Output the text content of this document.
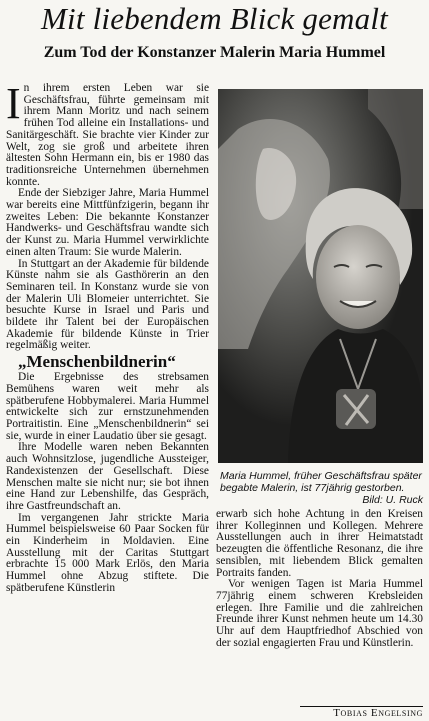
Mit liebendem Blick gemalt
Zum Tod der Konstanzer Malerin Maria Hummel

In ihrem ersten Leben war sie Geschäftsfrau, führte gemeinsam mit ihrem Mann Moritz und nach seinem frühen Tod alleine ein Installations- und Sanitärgeschäft. Sie brachte vier Kinder zur Welt, zog sie groß und arbeitete ihren ältesten Sohn Hermann ein, bis er 1980 das traditionsreiche Unternehmen übernehmen konnte.

Ende der Siebziger Jahre, Maria Hummel war bereits eine Mittfünfzigerin, begann ihr zweites Leben: Die bekannte Konstanzer Handwerks- und Geschäftsfrau wandte sich der Kunst zu. Maria Hummel verwirklichte einen alten Traum: Sie wurde Malerin.

In Stuttgart an der Akademie für bildende Künste nahm sie als Gasthörerin an den Seminaren teil. In Konstanz wurde sie von der Malerin Uli Blomeier unterrichtet. Sie besuchte Kurse in Israel und Paris und bildete ihr Talent bei der Europäischen Akademie für bildende Künste in Trier regelmäßig weiter.

„Menschenbildnerin“

Die Ergebnisse des strebsamen Bemühens waren weit mehr als spätberufene Hobbymalerei. Maria Hummel entwickelte sich zur ernstzunehmenden Portraitistin. Eine „Menschenbildnerin“ sei sie, wurde in einer Laudatio über sie gesagt.

Ihre Modelle waren neben Bekannten auch Wohnsitzlose, jugendliche Aussteiger, Randexistenzen der Gesellschaft. Diese Menschen malte sie nicht nur; sie bot ihnen eine Hand zur Lebenshilfe, das Gespräch, ihre Gastfreundschaft an.

Im vergangenen Jahr strickte Maria Hummel beispielsweise 60 Paar Socken für ein Kinderheim in Moldavien. Eine Ausstellung mit der Caritas Stuttgart erbrachte 15 000 Mark Erlös, den Maria Hummel ohne Abzug stiftete. Die spätberufene Künstlerin

Maria Hummel, früher Geschäftsfrau später begabte Malerin, ist 77jährig gestorben.
Bild: U. Ruck

erwarb sich hohe Achtung in den Kreisen ihrer Kolleginnen und Kollegen. Mehrere Ausstellungen auch in ihrer Heimatstadt bezeugten die öffentliche Resonanz, die ihre sensiblen, mit liebendem Blick gemalten Portraits fanden.

Vor wenigen Tagen ist Maria Hummel 77jährig einem schweren Krebsleiden erlegen. Ihre Familie und die zahlreichen Freunde ihrer Kunst nehmen heute um 14.30 Uhr auf dem Hauptfriedhof Abschied von der sozial engagierten Frau und Künstlerin.

Tobias Engelsing
